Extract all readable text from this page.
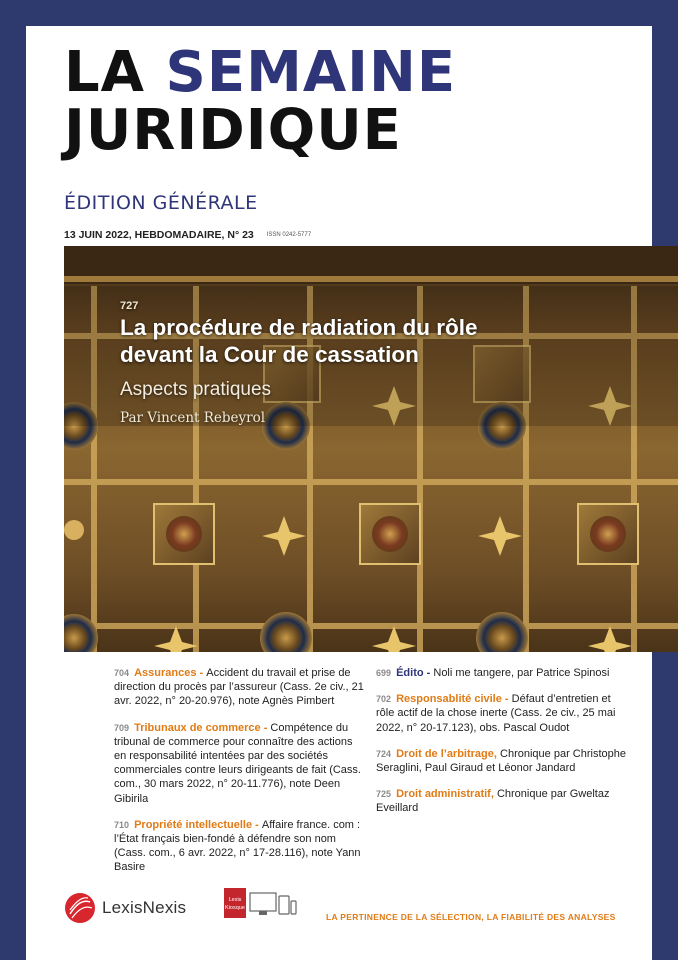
LA SEMAINE
JURIDIQUE
ÉDITION GÉNÉRALE
13 JUIN 2022, HEBDOMADAIRE, N° 23 ISSN 0242-5777
727
La procédure de radiation du rôle
devant la Cour de cassation
Aspects pratiques
Par Vincent Rebeyrol
704 Assurances - Accident du travail et prise de direction du procès par l’assureur (Cass. 2e civ., 21 avr. 2022, n° 20-20.976), note Agnès Pimbert
709 Tribunaux de commerce - Compétence du tribunal de commerce pour connaître des actions en responsabilité intentées par des sociétés commerciales contre leurs dirigeants de fait (Cass. com., 30 mars 2022, n° 20-11.776), note Deen Gibirila
710 Propriété intellectuelle - Affaire france. com : l’État français bien-fondé à défendre son nom (Cass. com., 6 avr. 2022, n° 17-28.116), note Yann Basire
699 Édito - Noli me tangere, par Patrice Spinosi
702 Responsablité civile - Défaut d’entretien et rôle actif de la chose inerte (Cass. 2e civ., 25 mai 2022, n° 20-17.123), obs. Pascal Oudot
724 Droit de l’arbitrage, Chronique par Christophe Seraglini, Paul Giraud et Léonor Jandard
725 Droit administratif, Chronique par Gweltaz Eveillard
LexisNexis	Lexis
Kiosque
LA PERTINENCE DE LA SÉLECTION, LA FIABILITÉ DES ANALYSES
